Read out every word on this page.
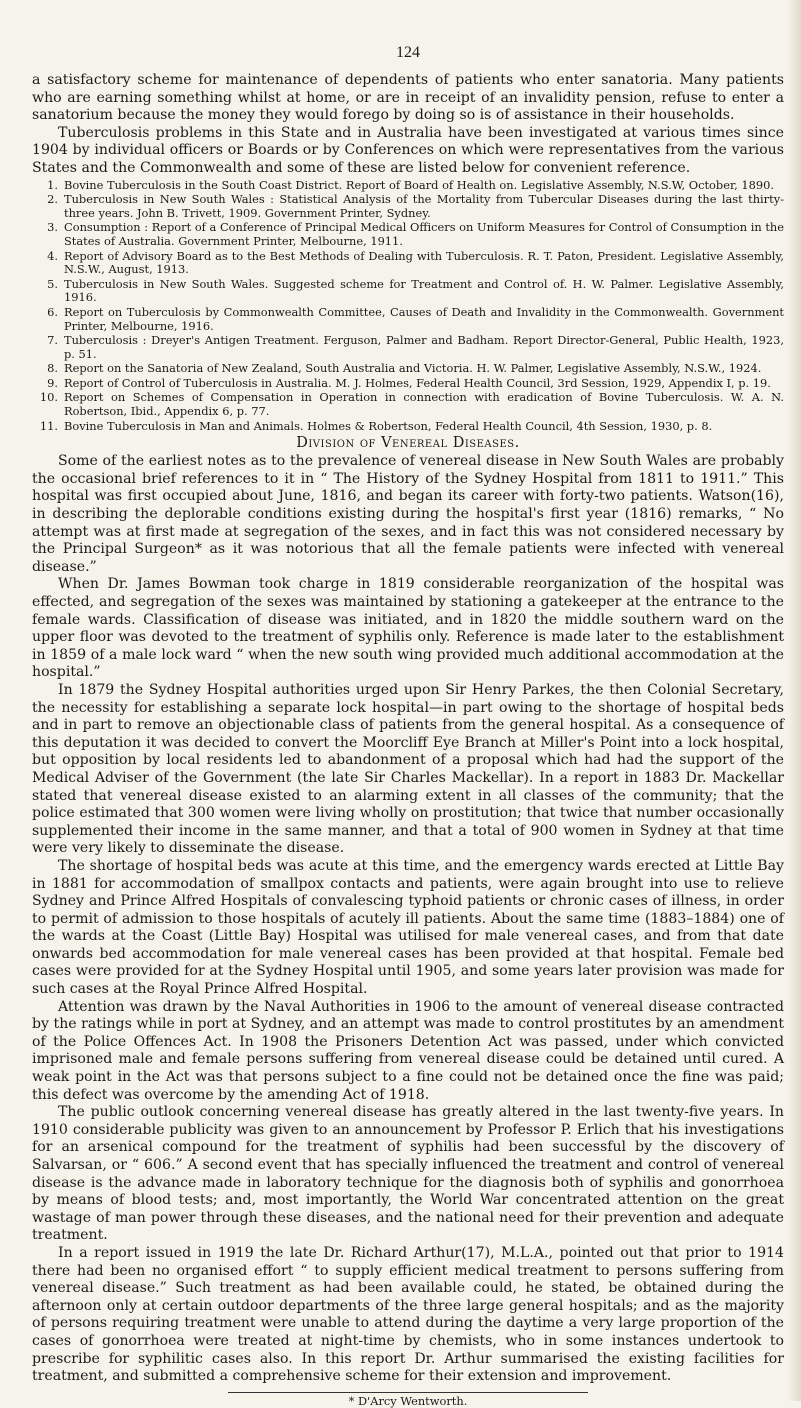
124

a satisfactory scheme for maintenance of dependents of patients who enter sanatoria. Many patients who are earning something whilst at home, or are in receipt of an invalidity pension, refuse to enter a sanatorium because the money they would forego by doing so is of assistance in their households.

Tuberculosis problems in this State and in Australia have been investigated at various times since 1904 by individual officers or Boards or by Conferences on which were representatives from the various States and the Commonwealth and some of these are listed below for convenient reference.

1. Bovine Tuberculosis in the South Coast District. Report of Board of Health on. Legislative Assembly, N.S.W, October, 1890.
2. Tuberculosis in New South Wales : Statistical Analysis of the Mortality from Tubercular Diseases during the last thirty-three years. John B. Trivett, 1909. Government Printer, Sydney.
3. Consumption : Report of a Conference of Principal Medical Officers on Uniform Measures for Control of Consumption in the States of Australia. Government Printer, Melbourne, 1911.
4. Report of Advisory Board as to the Best Methods of Dealing with Tuberculosis. R. T. Paton, President. Legislative Assembly, N.S.W., August, 1913.
5. Tuberculosis in New South Wales. Suggested scheme for Treatment and Control of. H. W. Palmer. Legislative Assembly, 1916.
6. Report on Tuberculosis by Commonwealth Committee, Causes of Death and Invalidity in the Commonwealth. Government Printer, Melbourne, 1916.
7. Tuberculosis : Dreyer's Antigen Treatment. Ferguson, Palmer and Badham. Report Director-General, Public Health, 1923, p. 51.
8. Report on the Sanatoria of New Zealand, South Australia and Victoria. H. W. Palmer, Legislative Assembly, N.S.W., 1924.
9. Report of Control of Tuberculosis in Australia. M. J. Holmes, Federal Health Council, 3rd Session, 1929, Appendix I, p. 19.
10. Report on Schemes of Compensation in Operation in connection with eradication of Bovine Tuberculosis. W. A. N. Robertson, Ibid., Appendix 6, p. 77.
11. Bovine Tuberculosis in Man and Animals. Holmes & Robertson, Federal Health Council, 4th Session, 1930, p. 8.
Division of Venereal Diseases.

Some of the earliest notes as to the prevalence of venereal disease in New South Wales are probably the occasional brief references to it in “ The History of the Sydney Hospital from 1811 to 1911.” This hospital was first occupied about June, 1816, and began its career with forty-two patients. Watson(16), in describing the deplorable conditions existing during the hospital's first year (1816) remarks, “ No attempt was at first made at segregation of the sexes, and in fact this was not considered necessary by the Principal Surgeon* as it was notorious that all the female patients were infected with venereal disease.”

When Dr. James Bowman took charge in 1819 considerable reorganization of the hospital was effected, and segregation of the sexes was maintained by stationing a gatekeeper at the entrance to the female wards. Classification of disease was initiated, and in 1820 the middle southern ward on the upper floor was devoted to the treatment of syphilis only. Reference is made later to the establishment in 1859 of a male lock ward “ when the new south wing provided much additional accommodation at the hospital.”

In 1879 the Sydney Hospital authorities urged upon Sir Henry Parkes, the then Colonial Secretary, the necessity for establishing a separate lock hospital—in part owing to the shortage of hospital beds and in part to remove an objectionable class of patients from the general hospital. As a consequence of this deputation it was decided to convert the Moorcliff Eye Branch at Miller's Point into a lock hospital, but opposition by local residents led to abandonment of a proposal which had had the support of the Medical Adviser of the Government (the late Sir Charles Mackellar). In a report in 1883 Dr. Mackellar stated that venereal disease existed to an alarming extent in all classes of the community; that the police estimated that 300 women were living wholly on prostitution; that twice that number occasionally supplemented their income in the same manner, and that a total of 900 women in Sydney at that time were very likely to disseminate the disease.

The shortage of hospital beds was acute at this time, and the emergency wards erected at Little Bay in 1881 for accommodation of smallpox contacts and patients, were again brought into use to relieve Sydney and Prince Alfred Hospitals of convalescing typhoid patients or chronic cases of illness, in order to permit of admission to those hospitals of acutely ill patients. About the same time (1883–1884) one of the wards at the Coast (Little Bay) Hospital was utilised for male venereal cases, and from that date onwards bed accommodation for male venereal cases has been provided at that hospital. Female bed cases were provided for at the Sydney Hospital until 1905, and some years later provision was made for such cases at the Royal Prince Alfred Hospital.

Attention was drawn by the Naval Authorities in 1906 to the amount of venereal disease contracted by the ratings while in port at Sydney, and an attempt was made to control prostitutes by an amendment of the Police Offences Act. In 1908 the Prisoners Detention Act was passed, under which convicted imprisoned male and female persons suffering from venereal disease could be detained until cured. A weak point in the Act was that persons subject to a fine could not be detained once the fine was paid; this defect was overcome by the amending Act of 1918.

The public outlook concerning venereal disease has greatly altered in the last twenty-five years. In 1910 considerable publicity was given to an announcement by Professor P. Erlich that his investigations for an arsenical compound for the treatment of syphilis had been successful by the discovery of Salvarsan, or “ 606.” A second event that has specially influenced the treatment and control of venereal disease is the advance made in laboratory technique for the diagnosis both of syphilis and gonorrhoea by means of blood tests; and, most importantly, the World War concentrated attention on the great wastage of man power through these diseases, and the national need for their prevention and adequate treatment.

In a report issued in 1919 the late Dr. Richard Arthur(17), M.L.A., pointed out that prior to 1914 there had been no organised effort “ to supply efficient medical treatment to persons suffering from venereal disease.” Such treatment as had been available could, he stated, be obtained during the afternoon only at certain outdoor departments of the three large general hospitals; and as the majority of persons requiring treatment were unable to attend during the daytime a very large proportion of the cases of gonorrhoea were treated at night-time by chemists, who in some instances undertook to prescribe for syphilitic cases also. In this report Dr. Arthur summarised the existing facilities for treatment, and submitted a comprehensive scheme for their extension and improvement.

* D'Arcy Wentworth.
